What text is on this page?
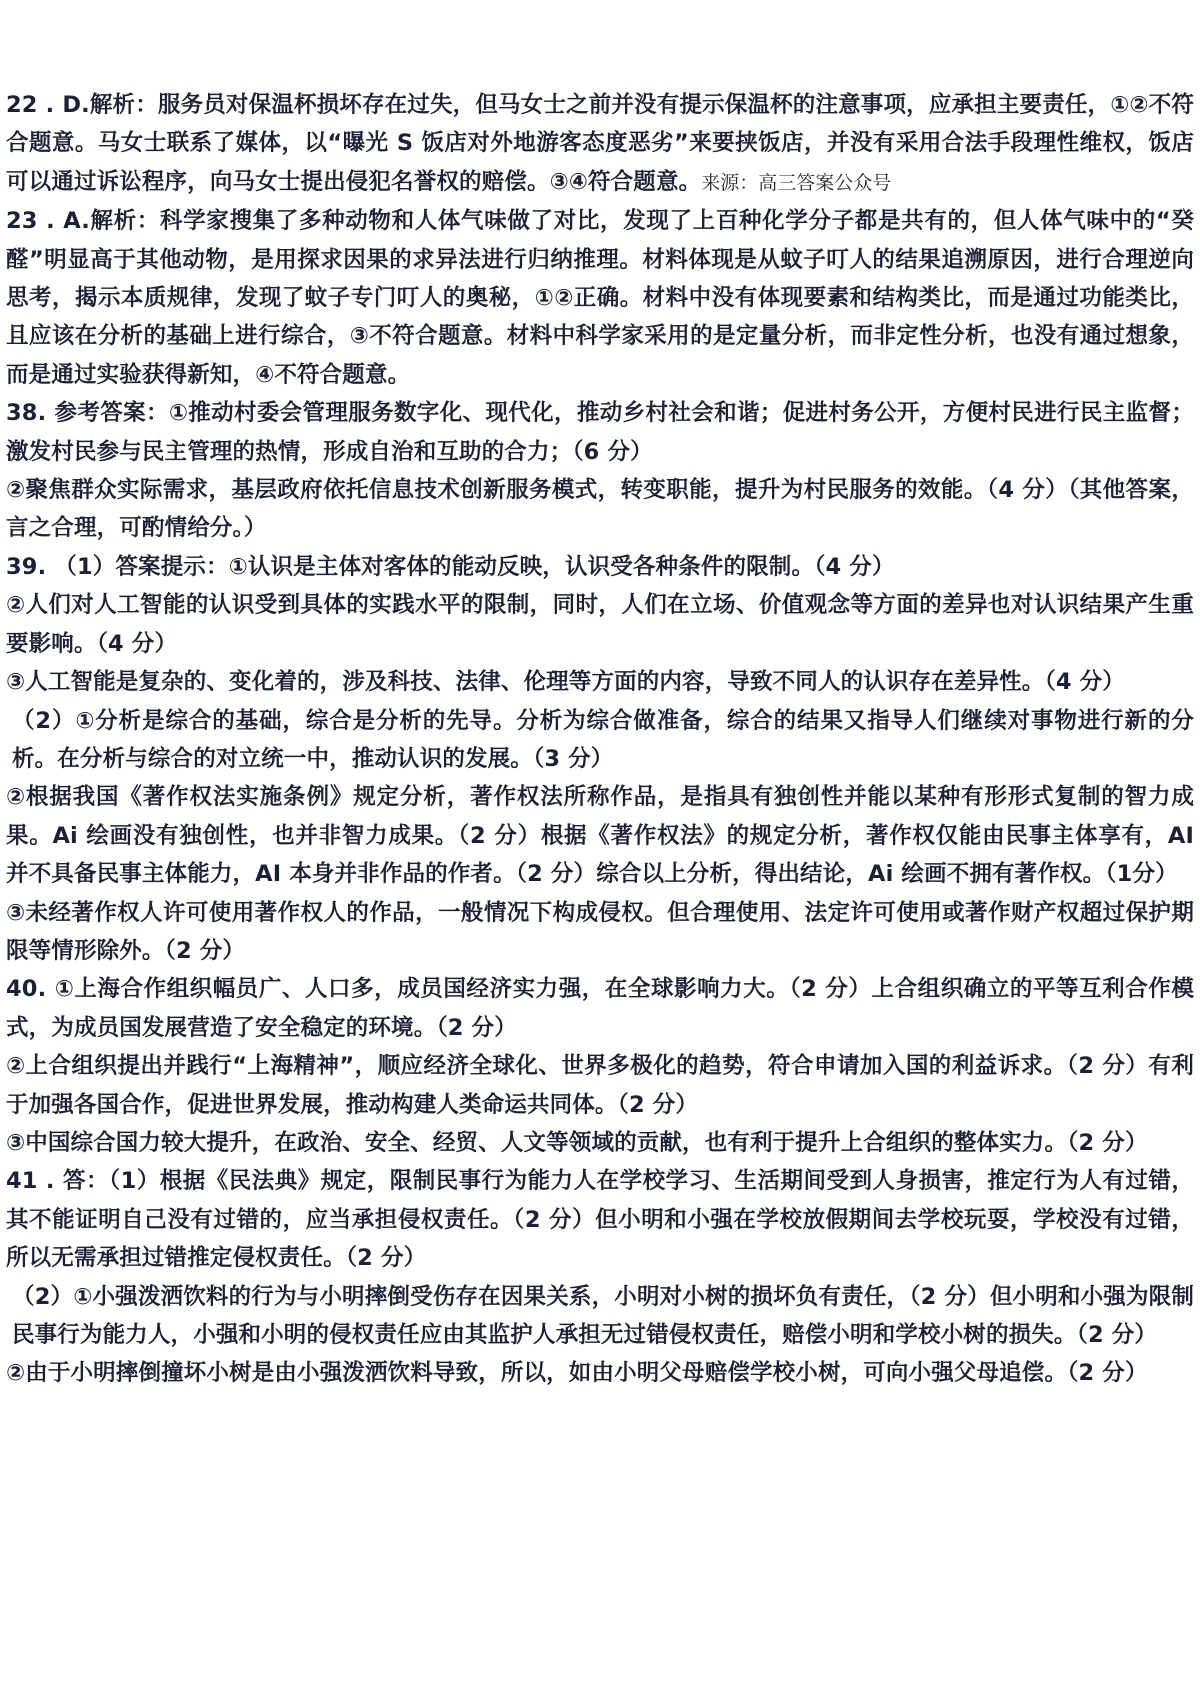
22 . D.解析：服务员对保温杯损坏存在过失，但马女士之前并没有提示保温杯的注意事项，应承担主要责任，①②不符合题意。马女士联系了媒体，以“曝光 S 饭店对外地游客态度恶劣”来要挟饭店，并没有采用合法手段理性维权，饭店可以通过诉讼程序，向马女士提出侵犯名誉权的赔偿。③④符合题意。来源：高三答案公众号

23 . A.解析：科学家搜集了多种动物和人体气味做了对比，发现了上百种化学分子都是共有的，但人体气味中的“癸醛”明显高于其他动物，是用探求因果的求异法进行归纳推理。材料体现是从蚊子叮人的结果追溯原因，进行合理逆向思考，揭示本质规律，发现了蚊子专门叮人的奥秘，①②正确。材料中没有体现要素和结构类比，而是通过功能类比，且应该在分析的基础上进行综合，③不符合题意。材料中科学家采用的是定量分析，而非定性分析，也没有通过想象，而是通过实验获得新知，④不符合题意。

38. 参考答案：①推动村委会管理服务数字化、现代化，推动乡村社会和谐；促进村务公开，方便村民进行民主监督；激发村民参与民主管理的热情，形成自治和互助的合力；（6 分）

②聚焦群众实际需求，基层政府依托信息技术创新服务模式，转变职能，提升为村民服务的效能。（4 分）（其他答案，言之合理，可酌情给分。）

39. （1）答案提示：①认识是主体对客体的能动反映，认识受各种条件的限制。（4 分）

②人们对人工智能的认识受到具体的实践水平的限制，同时，人们在立场、价值观念等方面的差异也对认识结果产生重要影响。（4 分）

③人工智能是复杂的、变化着的，涉及科技、法律、伦理等方面的内容，导致不同人的认识存在差异性。（4 分）

（2）①分析是综合的基础，综合是分析的先导。分析为综合做准备，综合的结果又指导人们继续对事物进行新的分析。在分析与综合的对立统一中，推动认识的发展。（3 分）

②根据我国《著作权法实施条例》规定分析，著作权法所称作品，是指具有独创性并能以某种有形形式复制的智力成果。Ai 绘画没有独创性，也并非智力成果。（2 分）根据《著作权法》的规定分析，著作权仅能由民事主体享有，AI 并不具备民事主体能力，AI 本身并非作品的作者。（2 分）综合以上分析，得出结论，Ai 绘画不拥有著作权。（1分）

③未经著作权人许可使用著作权人的作品，一般情况下构成侵权。但合理使用、法定许可使用或著作财产权超过保护期限等情形除外。（2 分）

40. ①上海合作组织幅员广、人口多，成员国经济实力强，在全球影响力大。（2 分）上合组织确立的平等互利合作模式，为成员国发展营造了安全稳定的环境。（2 分）

②上合组织提出并践行“上海精神”，顺应经济全球化、世界多极化的趋势，符合申请加入国的利益诉求。（2 分）有利于加强各国合作，促进世界发展，推动构建人类命运共同体。（2 分）

③中国综合国力较大提升，在政治、安全、经贸、人文等领域的贡献，也有利于提升上合组织的整体实力。（2 分）

41 . 答：（1）根据《民法典》规定，限制民事行为能力人在学校学习、生活期间受到人身损害，推定行为人有过错，其不能证明自己没有过错的，应当承担侵权责任。（2 分）但小明和小强在学校放假期间去学校玩耍，学校没有过错，所以无需承担过错推定侵权责任。（2 分）

（2）①小强泼洒饮料的行为与小明摔倒受伤存在因果关系，小明对小树的损坏负有责任，（2 分）但小明和小强为限制民事行为能力人，小强和小明的侵权责任应由其监护人承担无过错侵权责任，赔偿小明和学校小树的损失。（2 分）

②由于小明摔倒撞坏小树是由小强泼洒饮料导致，所以，如由小明父母赔偿学校小树，可向小强父母追偿。（2 分）
